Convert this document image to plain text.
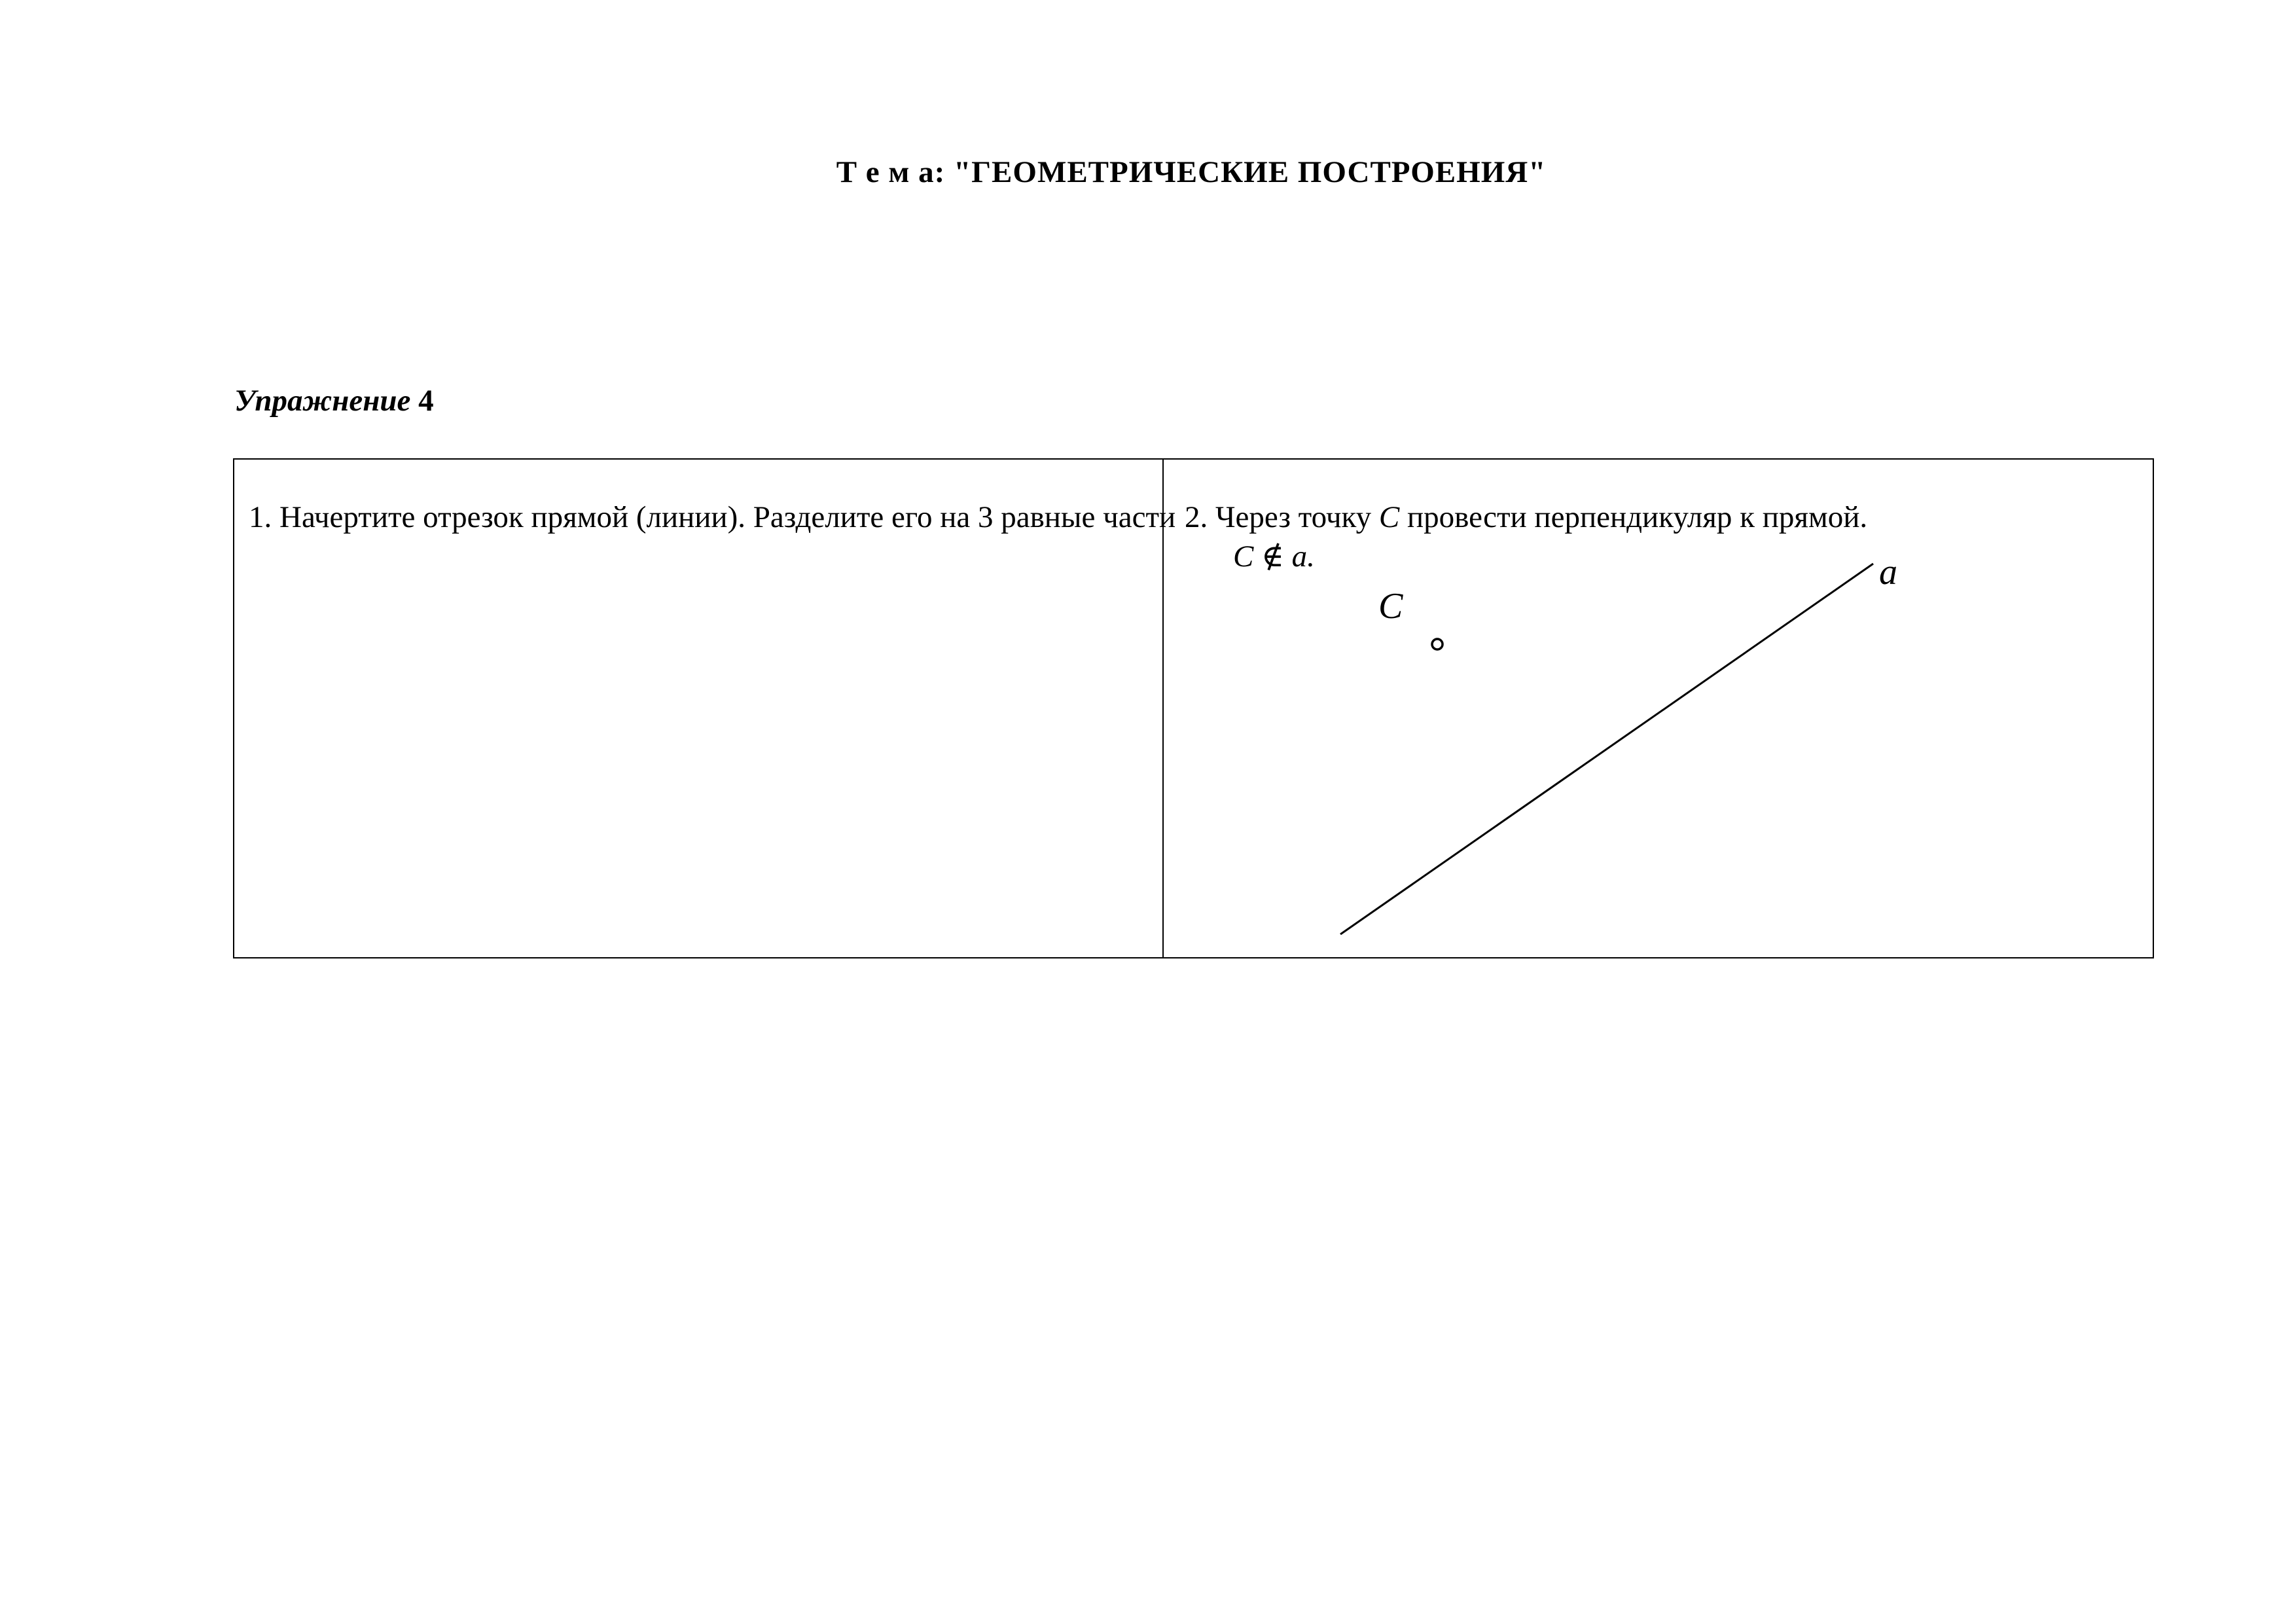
Т е м а: "ГЕОМЕТРИЧЕСКИЕ ПОСТРОЕНИЯ"
Упражнение 4
1. Начертите отрезок прямой (линии). Разделите его на 3 равные части 2. Через точку C провести перпендикуляр к прямой.
C ∉ a.	a
C
